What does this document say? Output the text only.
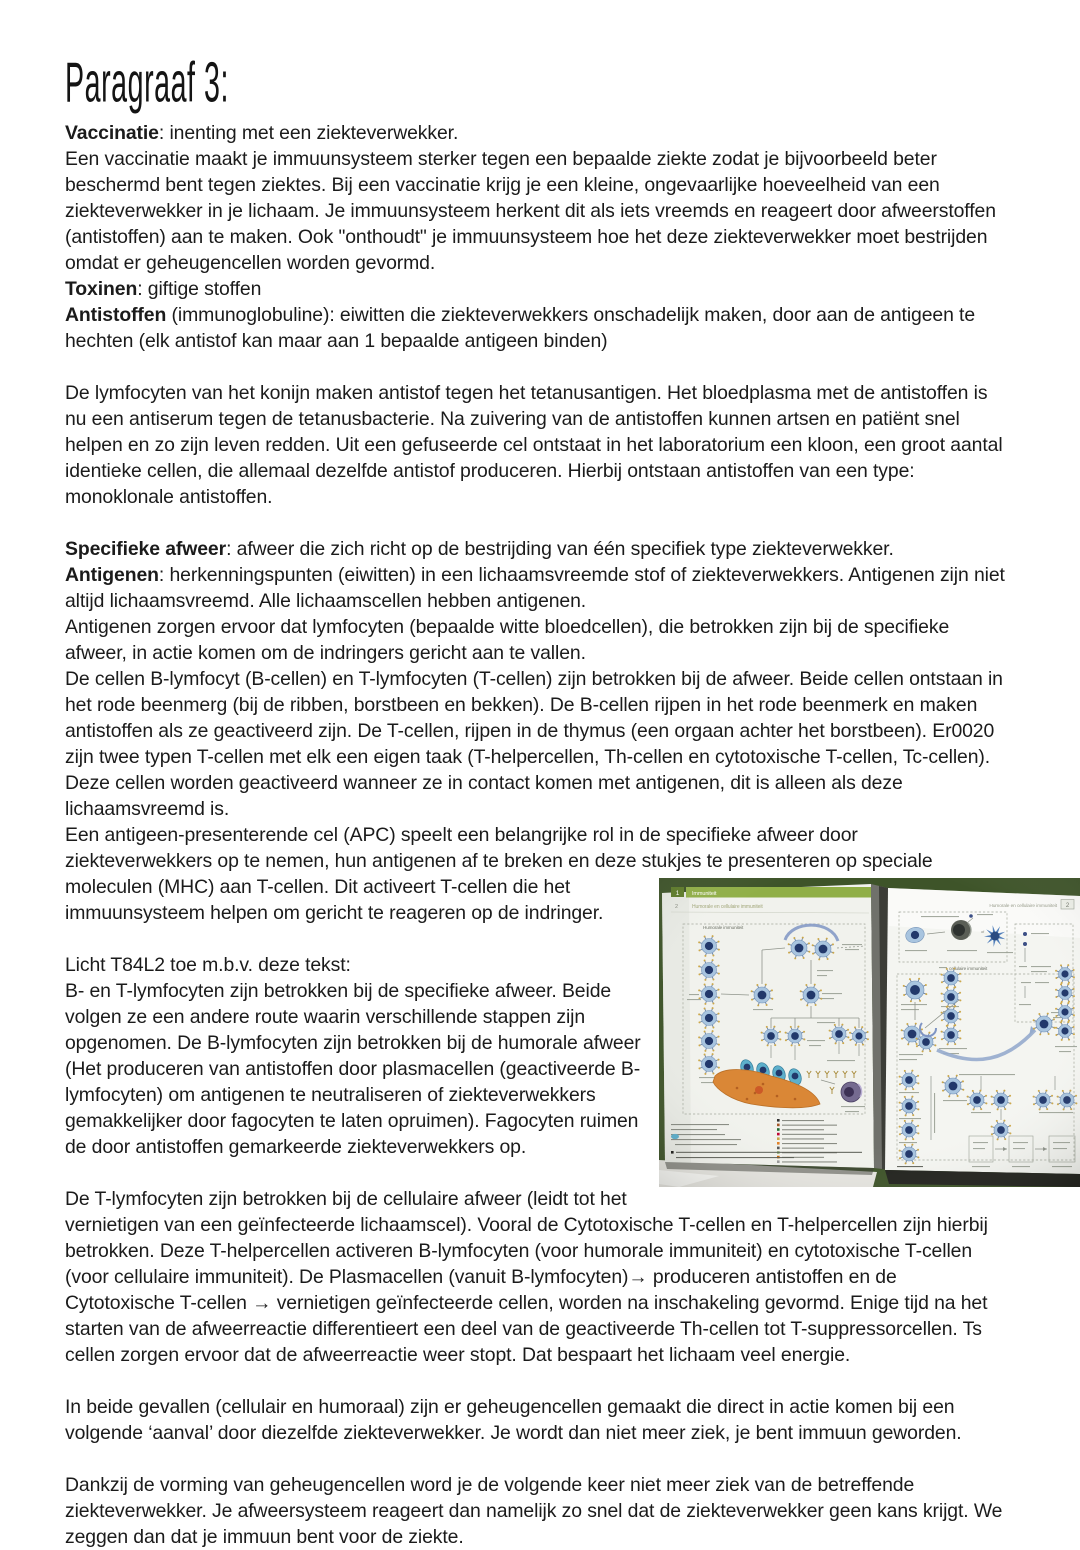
Paragraaf 3:

Vaccinatie: inenting met een ziekteverwekker.

Een vaccinatie maakt je immuunsysteem sterker tegen een bepaalde ziekte zodat je bijvoorbeeld beter beschermd bent tegen ziektes. Bij een vaccinatie krijg je een kleine, ongevaarlijke hoeveelheid van een ziekteverwekker in je lichaam. Je immuunsysteem herkent dit als iets vreemds en reageert door afweerstoffen (antistoffen) aan te maken. Ook "onthoudt" je immuunsysteem hoe het deze ziekteverwekker moet bestrijden omdat er geheugencellen worden gevormd.

Toxinen: giftige stoffen

Antistoffen (immunoglobuline): eiwitten die ziekteverwekkers onschadelijk maken, door aan de antigeen te hechten (elk antistof kan maar aan 1 bepaalde antigeen binden)

De lymfocyten van het konijn maken antistof tegen het tetanusantigen. Het bloedplasma met de antistoffen is nu een antiserum tegen de tetanusbacterie. Na zuivering van de antistoffen kunnen artsen en patiënt snel helpen en zo zijn leven redden. Uit een gefuseerde cel ontstaat in het laboratorium een kloon, een groot aantal identieke cellen, die allemaal dezelfde antistof produceren. Hierbij ontstaan antistoffen van een type: monoklonale antistoffen.

Specifieke afweer: afweer die zich richt op de bestrijding van één specifiek type ziekteverwekker.

Antigenen: herkenningspunten (eiwitten) in een lichaamsvreemde stof of ziekteverwekkers. Antigenen zijn niet altijd lichaamsvreemd. Alle lichaamscellen hebben antigenen.

Antigenen zorgen ervoor dat lymfocyten (bepaalde witte bloedcellen), die betrokken zijn bij de specifieke afweer, in actie komen om de indringers gericht aan te vallen.

De cellen B-lymfocyt (B-cellen) en T-lymfocyten (T-cellen) zijn betrokken bij de afweer. Beide cellen ontstaan in het rode beenmerg (bij de ribben, borstbeen en bekken). De B-cellen rijpen in het rode beenmerk en maken antistoffen als ze geactiveerd zijn. De T-cellen, rijpen in de thymus (een orgaan achter het borstbeen). Er0020 zijn twee typen T-cellen met elk een eigen taak (T-helpercellen, Th-cellen en cytotoxische T-cellen, Tc-cellen). Deze cellen worden geactiveerd wanneer ze in contact komen met antigenen, dit is alleen als deze lichaamsvreemd is.

Een antigeen-presenterende cel (APC) speelt een belangrijke rol in de specifieke afweer door ziekteverwekkers op te nemen, hun antigenen af te breken en deze stukjes te presenteren op speciale moleculen (MHC) aan T-
cellen. Dit activeert T-cellen die het immuunsysteem helpen om gericht te reageren op de indringer.

Licht T84L2 toe m.b.v. deze tekst:

B- en T-lymfocyten zijn betrokken bij de specifieke afweer. Beide volgen ze een andere route waarin verschillende stappen zijn opgenomen. De B-lymfocyten zijn betrokken bij de humorale afweer (Het produceren van antistoffen door plasmacellen (geactiveerde B-lymfocyten) om antigenen te neutraliseren of ziekteverwekkers gemakkelijker door fagocyten te laten opruimen). Fagocyten ruimen de door antistoffen gemarkeerde ziekteverwekkers op.

De T-lymfocyten zijn betrokken bij de cellulaire afweer (leidt tot het vernietigen van een geïnfecteerde lichaamscel). Vooral de Cytotoxische T-cellen en T-helpercellen zijn hierbij betrokken. Deze T-helpercellen activeren B-lymfocyten (voor humorale immuniteit) en cytotoxische T-cellen (voor cellulaire immuniteit). De Plasmacellen (vanuit B-lymfocyten)→ produceren antistoffen en de Cytotoxische T-cellen → vernietigen geïnfecteerde cellen, worden na inschakeling gevormd. Enige tijd na het starten van de afweerreactie differentieert een deel van de geactiveerde Th-cellen tot T-suppressorcellen. Ts cellen zorgen ervoor dat de afweerreactie weer stopt. Dat bespaart het lichaam veel energie.

In beide gevallen (cellulair en humoraal) zijn er geheugencellen gemaakt die direct in actie komen bij een volgende ‘aanval’ door diezelfde ziekteverwekker. Je wordt dan niet meer ziek, je bent immuun geworden.

Dankzij de vorming van geheugencellen word je de volgende keer niet meer ziek van de betreffende ziekteverwekker. Je afweersysteem reageert dan namelijk zo snel dat de ziekteverwekker geen kans krijgt. We zeggen dan dat je immuun bent voor de ziekte.
